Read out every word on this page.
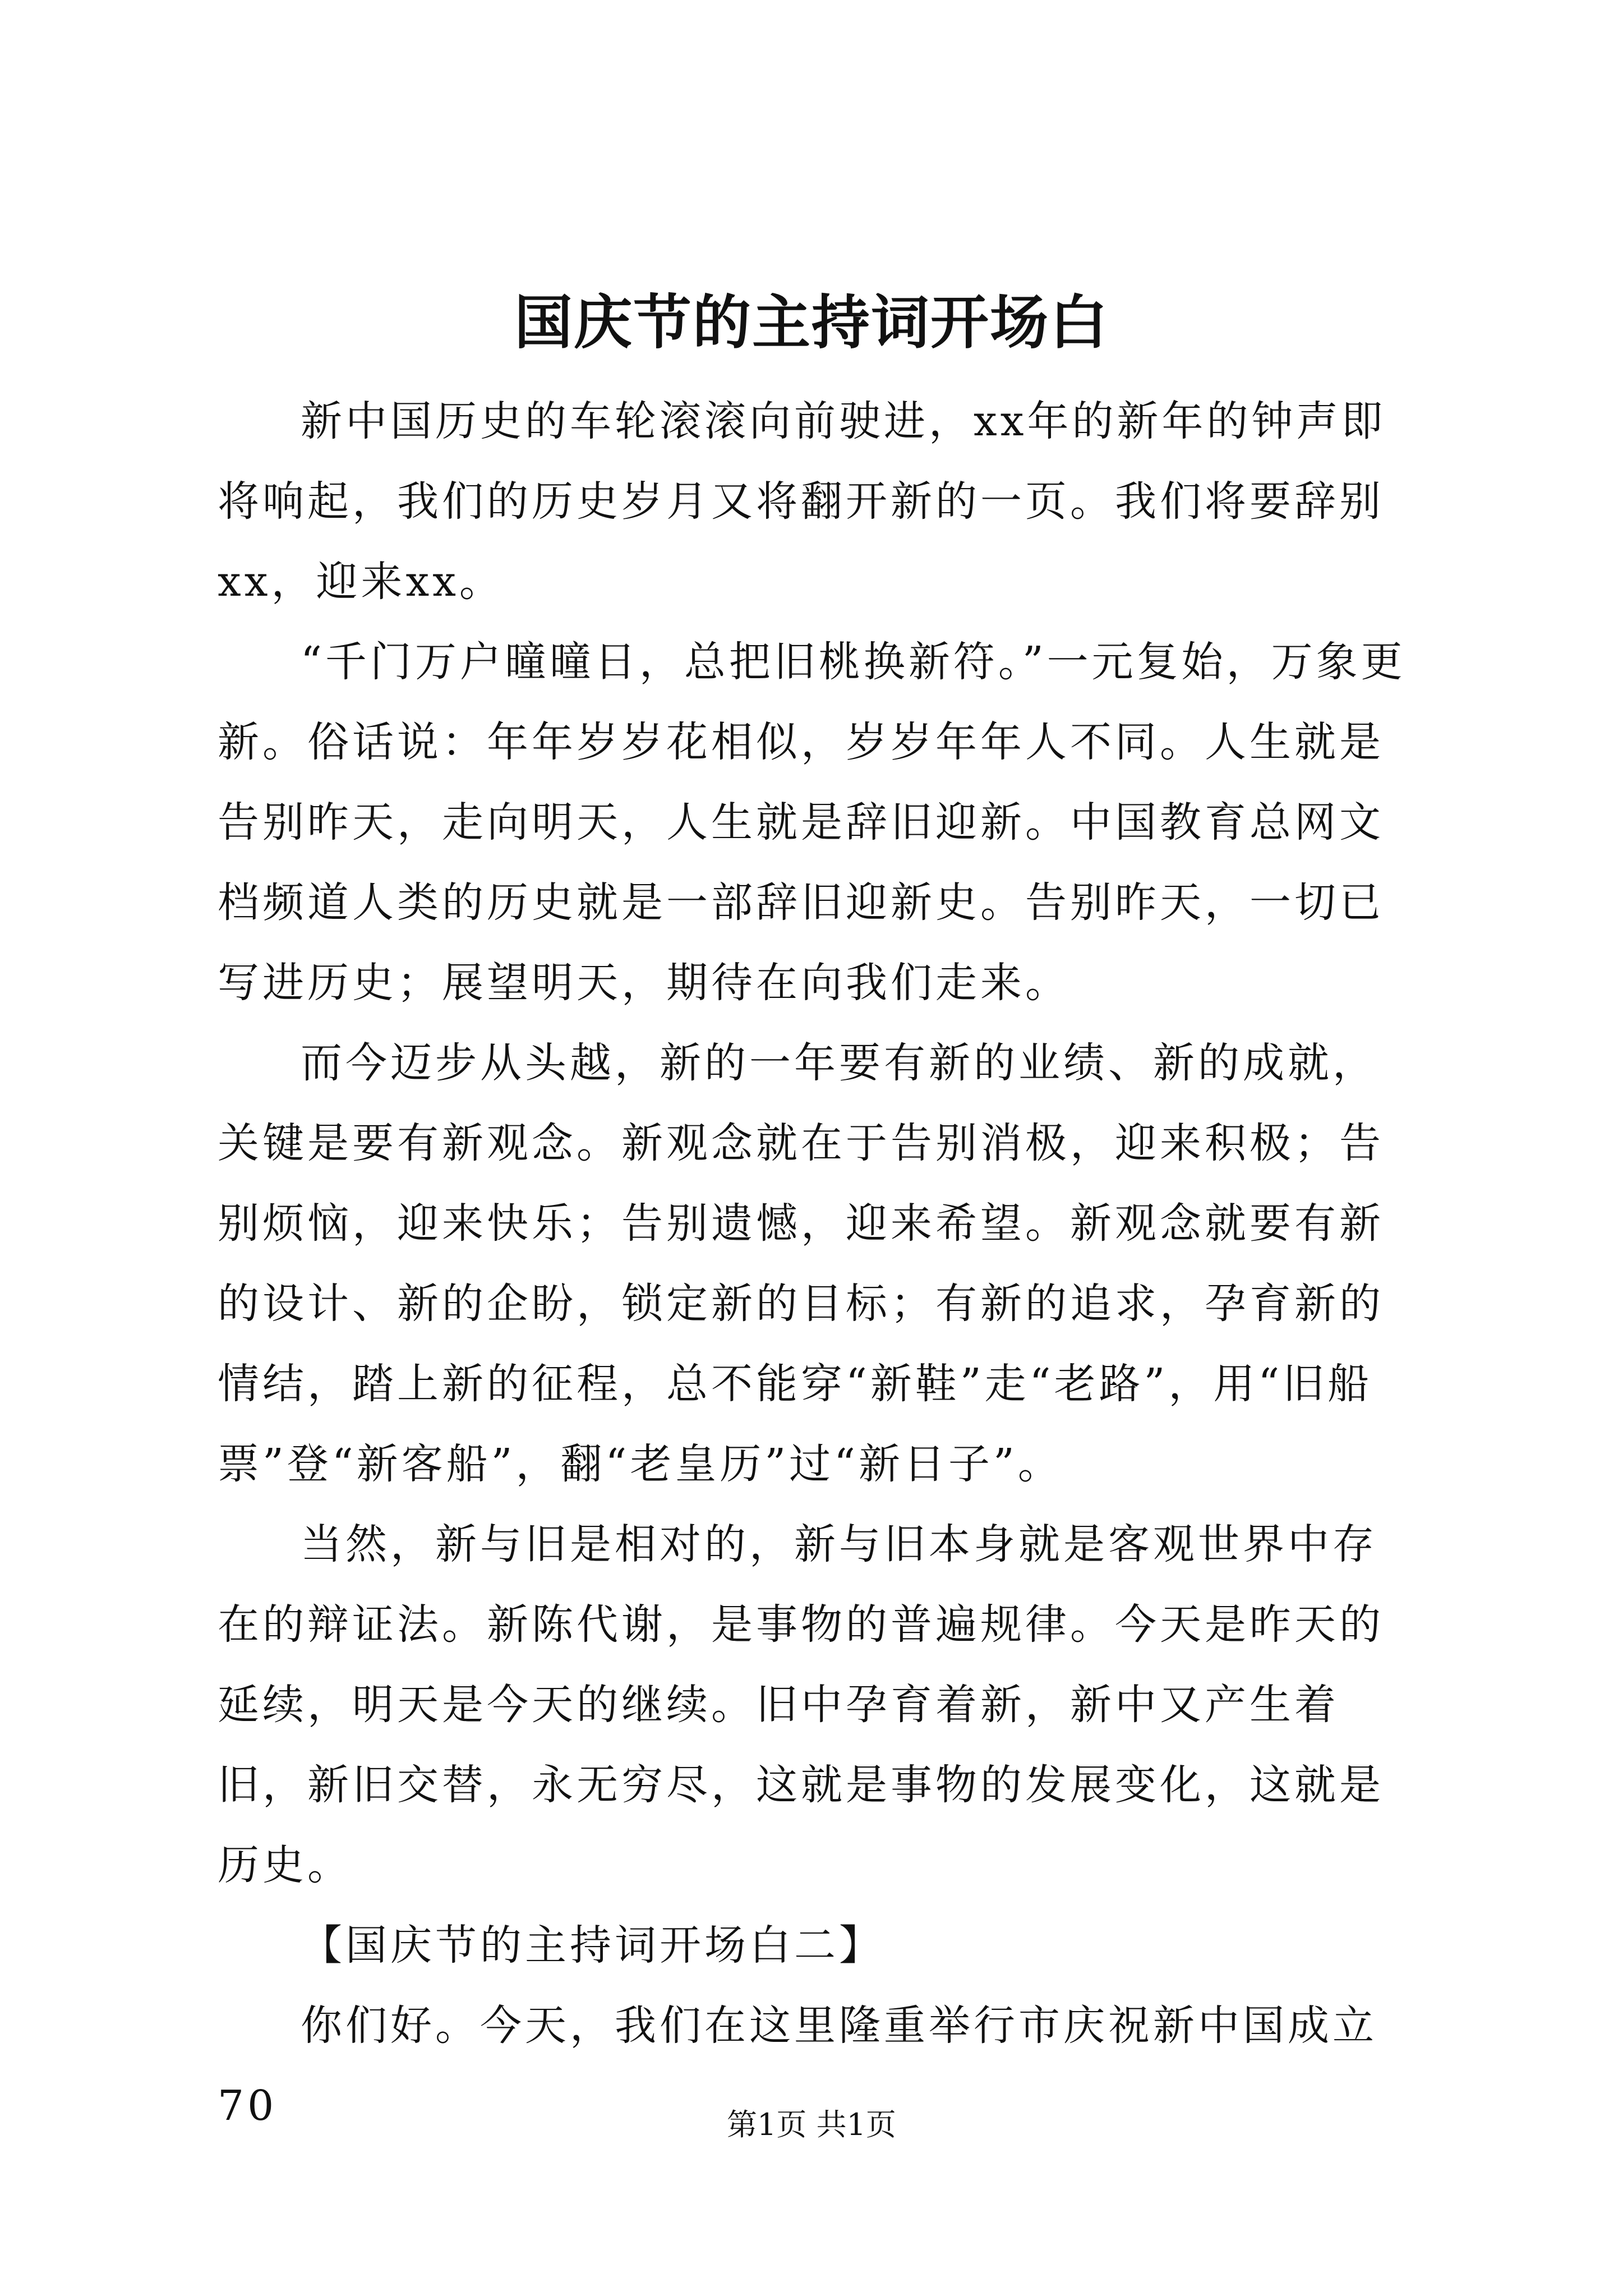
国庆节的主持词开场白

新中国历史的车轮滚滚向前驶进，xx年的新年的钟声即将响起，我们的历史岁月又将翻开新的一页。我们将要辞别xx，迎来xx。

“千门万户曈曈日，总把旧桃换新符。”一元复始，万象更新。俗话说：年年岁岁花相似，岁岁年年人不同。人生就是告别昨天，走向明天，人生就是辞旧迎新。中国教育总网文档频道人类的历史就是一部辞旧迎新史。告别昨天，一切已写进历史；展望明天，期待在向我们走来。

而今迈步从头越，新的一年要有新的业绩、新的成就，关键是要有新观念。新观念就在于告别消极，迎来积极；告别烦恼，迎来快乐；告别遗憾，迎来希望。新观念就要有新的设计、新的企盼，锁定新的目标；有新的追求，孕育新的情结，踏上新的征程，总不能穿“新鞋”走“老路”，用“旧船票”登“新客船”，翻“老皇历”过“新日子”。

当然，新与旧是相对的，新与旧本身就是客观世界中存在的辩证法。新陈代谢，是事物的普遍规律。今天是昨天的延续，明天是今天的继续。旧中孕育着新，新中又产生着旧，新旧交替，永无穷尽，这就是事物的发展变化，这就是历史。

【国庆节的主持词开场白二】

你们好。今天，我们在这里隆重举行市庆祝新中国成立70	第1页 共1页
